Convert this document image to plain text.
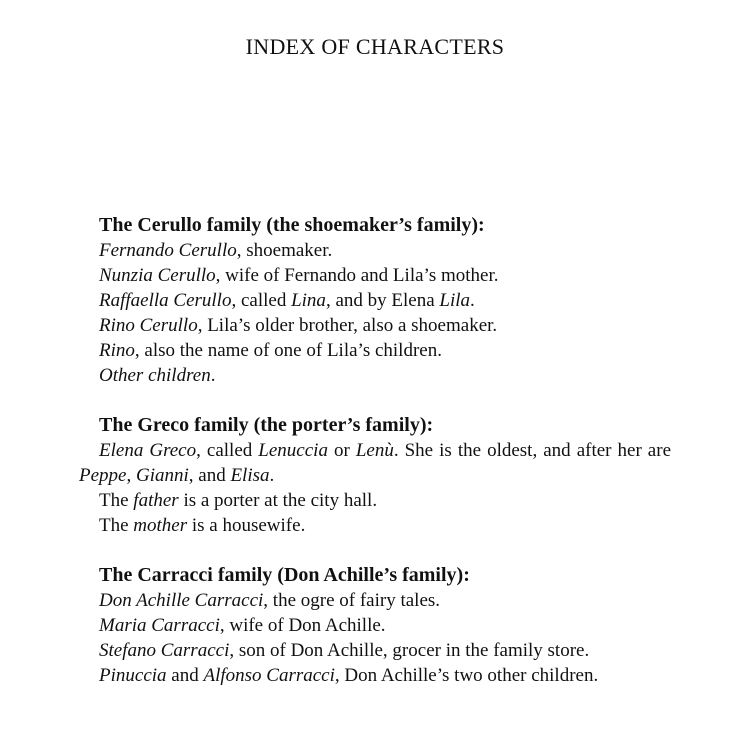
INDEX OF CHARACTERS
The Cerullo family (the shoemaker’s family):
Fernando Cerullo, shoemaker.
Nunzia Cerullo, wife of Fernando and Lila’s mother.
Raffaella Cerullo, called Lina, and by Elena Lila.
Rino Cerullo, Lila’s older brother, also a shoemaker.
Rino, also the name of one of Lila’s children.
Other children.
The Greco family (the porter’s family):
Elena Greco, called Lenuccia or Lenù. She is the oldest, and after her are Peppe, Gianni, and Elisa.
The father is a porter at the city hall.
The mother is a housewife.
The Carracci family (Don Achille’s family):
Don Achille Carracci, the ogre of fairy tales.
Maria Carracci, wife of Don Achille.
Stefano Carracci, son of Don Achille, grocer in the family store.
Pinuccia and Alfonso Carracci, Don Achille’s two other children.
